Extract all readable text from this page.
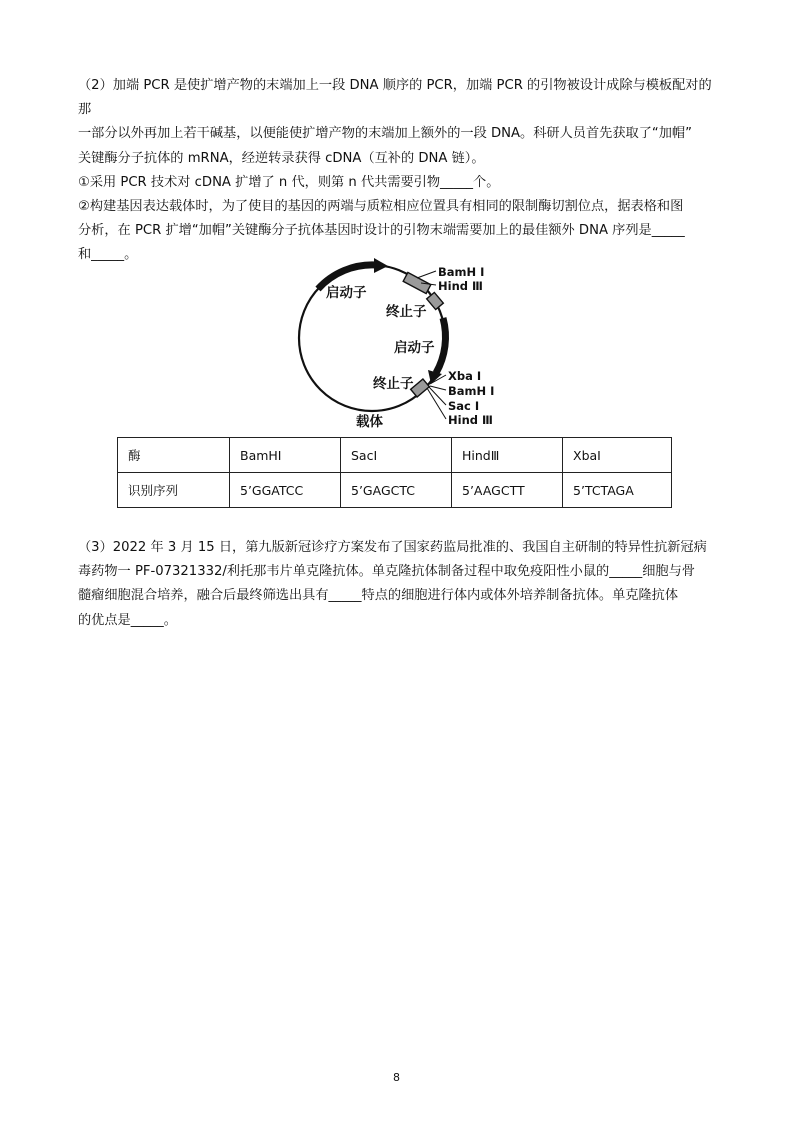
（2）加端 PCR 是使扩增产物的末端加上一段 DNA 顺序的 PCR，加端 PCR 的引物被设计成除与模板配对的那

一部分以外再加上若干碱基，以便能使扩增产物的末端加上额外的一段 DNA。科研人员首先获取了“加帽”

关键酶分子抗体的 mRNA，经逆转录获得 cDNA（互补的 DNA 链）。

①采用 PCR 技术对 cDNA 扩增了 n 代，则第 n 代共需要引物_____个。

②构建基因表达载体时，为了使目的基因的两端与质粒相应位置具有相同的限制酶切割位点，据表格和图

分析，在 PCR 扩增“加帽”关键酶分子抗体基因时设计的引物末端需要加上的最佳额外 DNA 序列是_____

和_____。

启动子
终止子
启动子
终止子
载体
BamH Ⅰ
Hind Ⅲ
Xba Ⅰ
BamH Ⅰ
Sac Ⅰ
Hind Ⅲ
酶	BamHI	SacI	HindⅢ	XbaI
识别序列	5’GGATCC	5’GAGCTC	5’AAGCTT	5’TCTAGA

（3）2022 年 3 月 15 日，第九版新冠诊疗方案发布了国家药监局批准的、我国自主研制的特异性抗新冠病

毒药物一 PF-07321332/利托那韦片单克隆抗体。单克隆抗体制备过程中取免疫阳性小鼠的_____细胞与骨

髓瘤细胞混合培养，融合后最终筛选出具有_____特点的细胞进行体内或体外培养制备抗体。单克隆抗体

的优点是_____。

8
